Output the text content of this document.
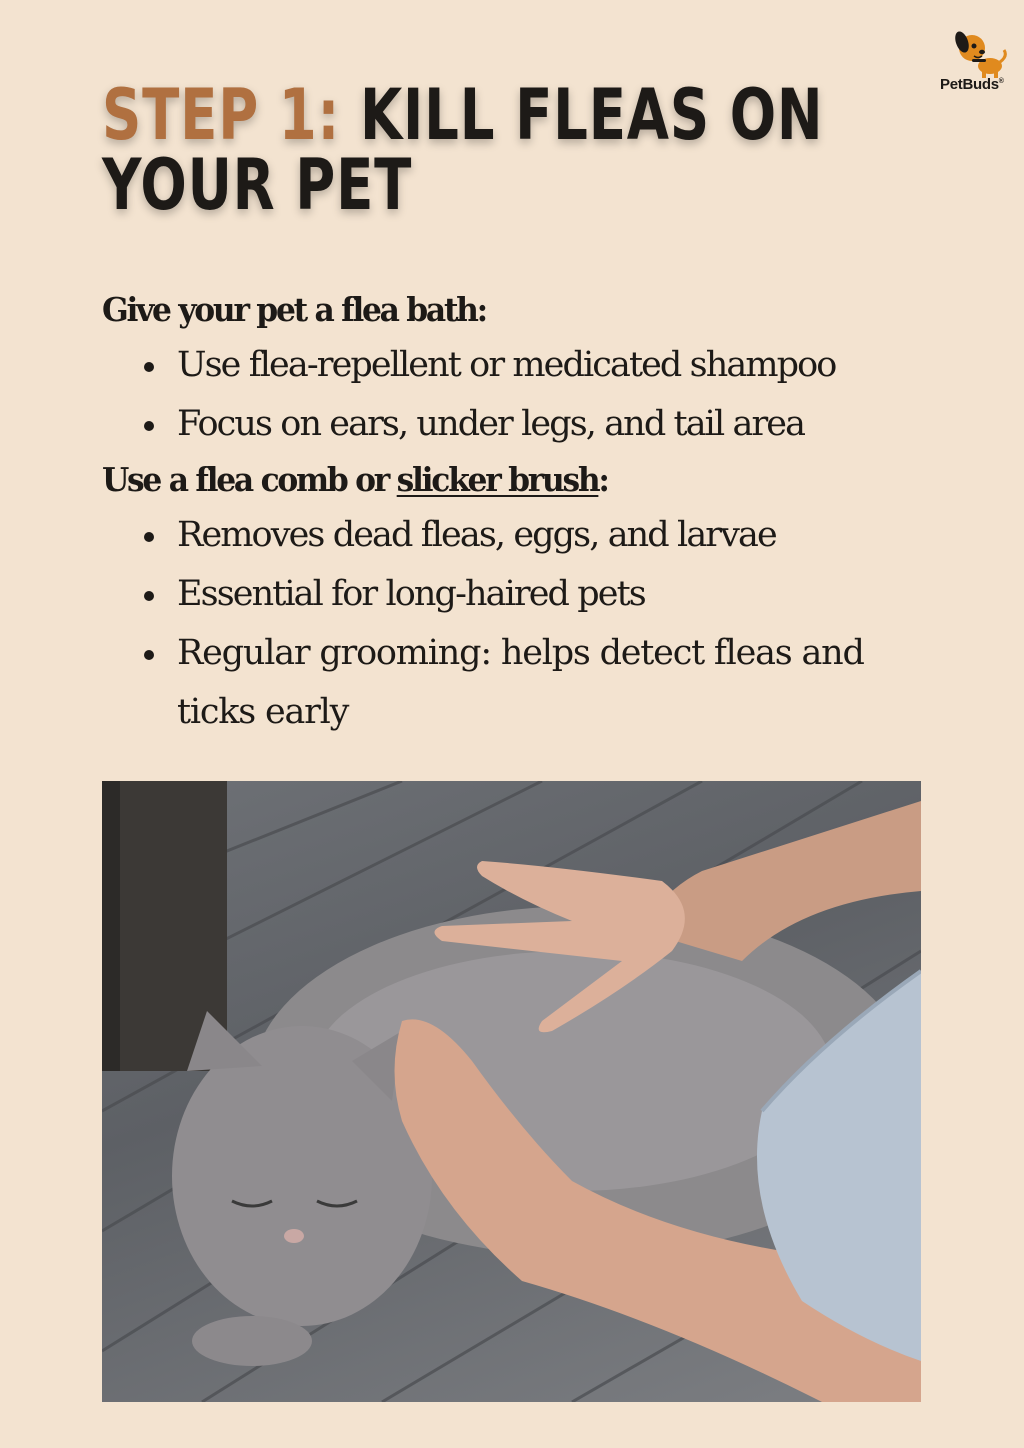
PetBuds®
STEP 1: KILL FLEAS ON YOUR PET

Give your pet a flea bath:

Use flea-repellent or medicated shampoo
Focus on ears, under legs, and tail area

Use a flea comb or slicker brush:

Removes dead fleas, eggs, and larvae
Essential for long-haired pets
Regular grooming: helps detect fleas and ticks early
